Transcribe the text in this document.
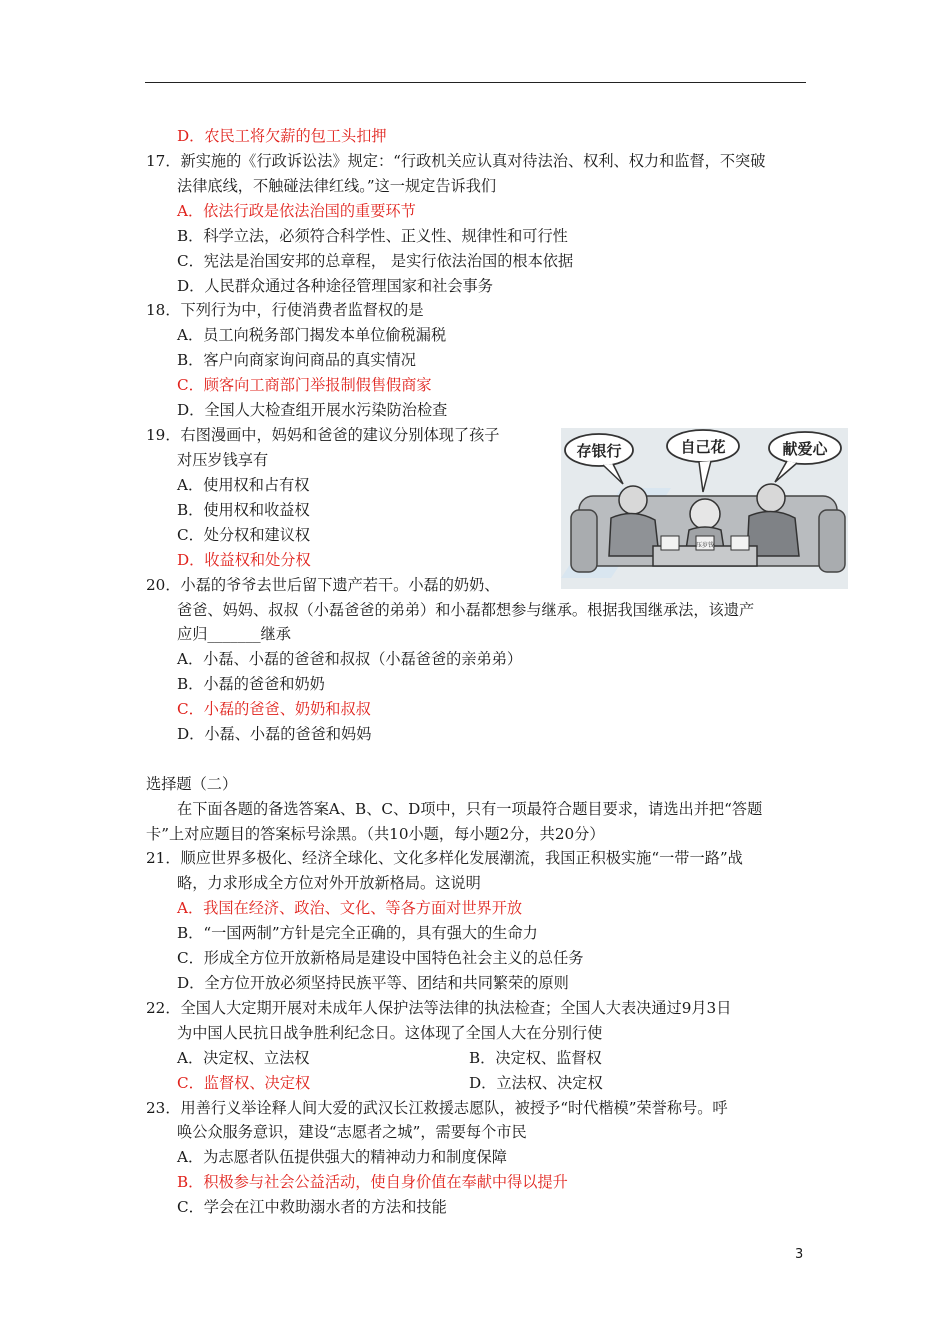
D．农民工将欠薪的包工头扣押
17．新实施的《行政诉讼法》规定：“行政机关应认真对待法治、权利、权力和监督，不突破
法律底线，不触碰法律红线。”这一规定告诉我们
A．依法行政是依法治国的重要环节
B．科学立法，必须符合科学性、正义性、规律性和可行性
C．宪法是治国安邦的总章程， 是实行依法治国的根本依据
D．人民群众通过各种途径管理国家和社会事务
18．下列行为中，行使消费者监督权的是
A．员工向税务部门揭发本单位偷税漏税
B．客户向商家询问商品的真实情况
C．顾客向工商部门举报制假售假商家
D．全国人大检查组开展水污染防治检查
19．右图漫画中，妈妈和爸爸的建议分别体现了孩子
对压岁钱享有
A．使用权和占有权
B．使用权和收益权
C．处分权和建议权
D．收益权和处分权
压岁钱
存银行	自己花	献爱心
20．小磊的爷爷去世后留下遗产若干。小磊的奶奶、
爸爸、妈妈、叔叔（小磊爸爸的弟弟）和小磊都想参与继承。根据我国继承法，该遗产
应归_______继承
A．小磊、小磊的爸爸和叔叔（小磊爸爸的亲弟弟）
B．小磊的爸爸和奶奶
C．小磊的爸爸、奶奶和叔叔
D．小磊、小磊的爸爸和妈妈
选择题（二）
在下面各题的备选答案A、B、C、D项中，只有一项最符合题目要求，请选出并把“答题
卡”上对应题目的答案标号涂黑。（共10小题，每小题2分，共20分）
21．顺应世界多极化、经济全球化、文化多样化发展潮流，我国正积极实施“一带一路”战
略，力求形成全方位对外开放新格局。这说明
A．我国在经济、政治、文化、等各方面对世界开放
B．“一国两制”方针是完全正确的，具有强大的生命力
C．形成全方位开放新格局是建设中国特色社会主义的总任务
D．全方位开放必须坚持民族平等、团结和共同繁荣的原则
22．全国人大定期开展对未成年人保护法等法律的执法检查；全国人大表决通过9月3日
为中国人民抗日战争胜利纪念日。这体现了全国人大在分别行使
A．决定权、立法权	B．决定权、监督权
C．监督权、决定权	D．立法权、决定权
23．用善行义举诠释人间大爱的武汉长江救援志愿队，被授予“时代楷模”荣誉称号。呼
唤公众服务意识，建设“志愿者之城”，需要每个市民
A．为志愿者队伍提供强大的精神动力和制度保障
B．积极参与社会公益活动，使自身价值在奉献中得以提升
C．学会在江中救助溺水者的方法和技能
3
